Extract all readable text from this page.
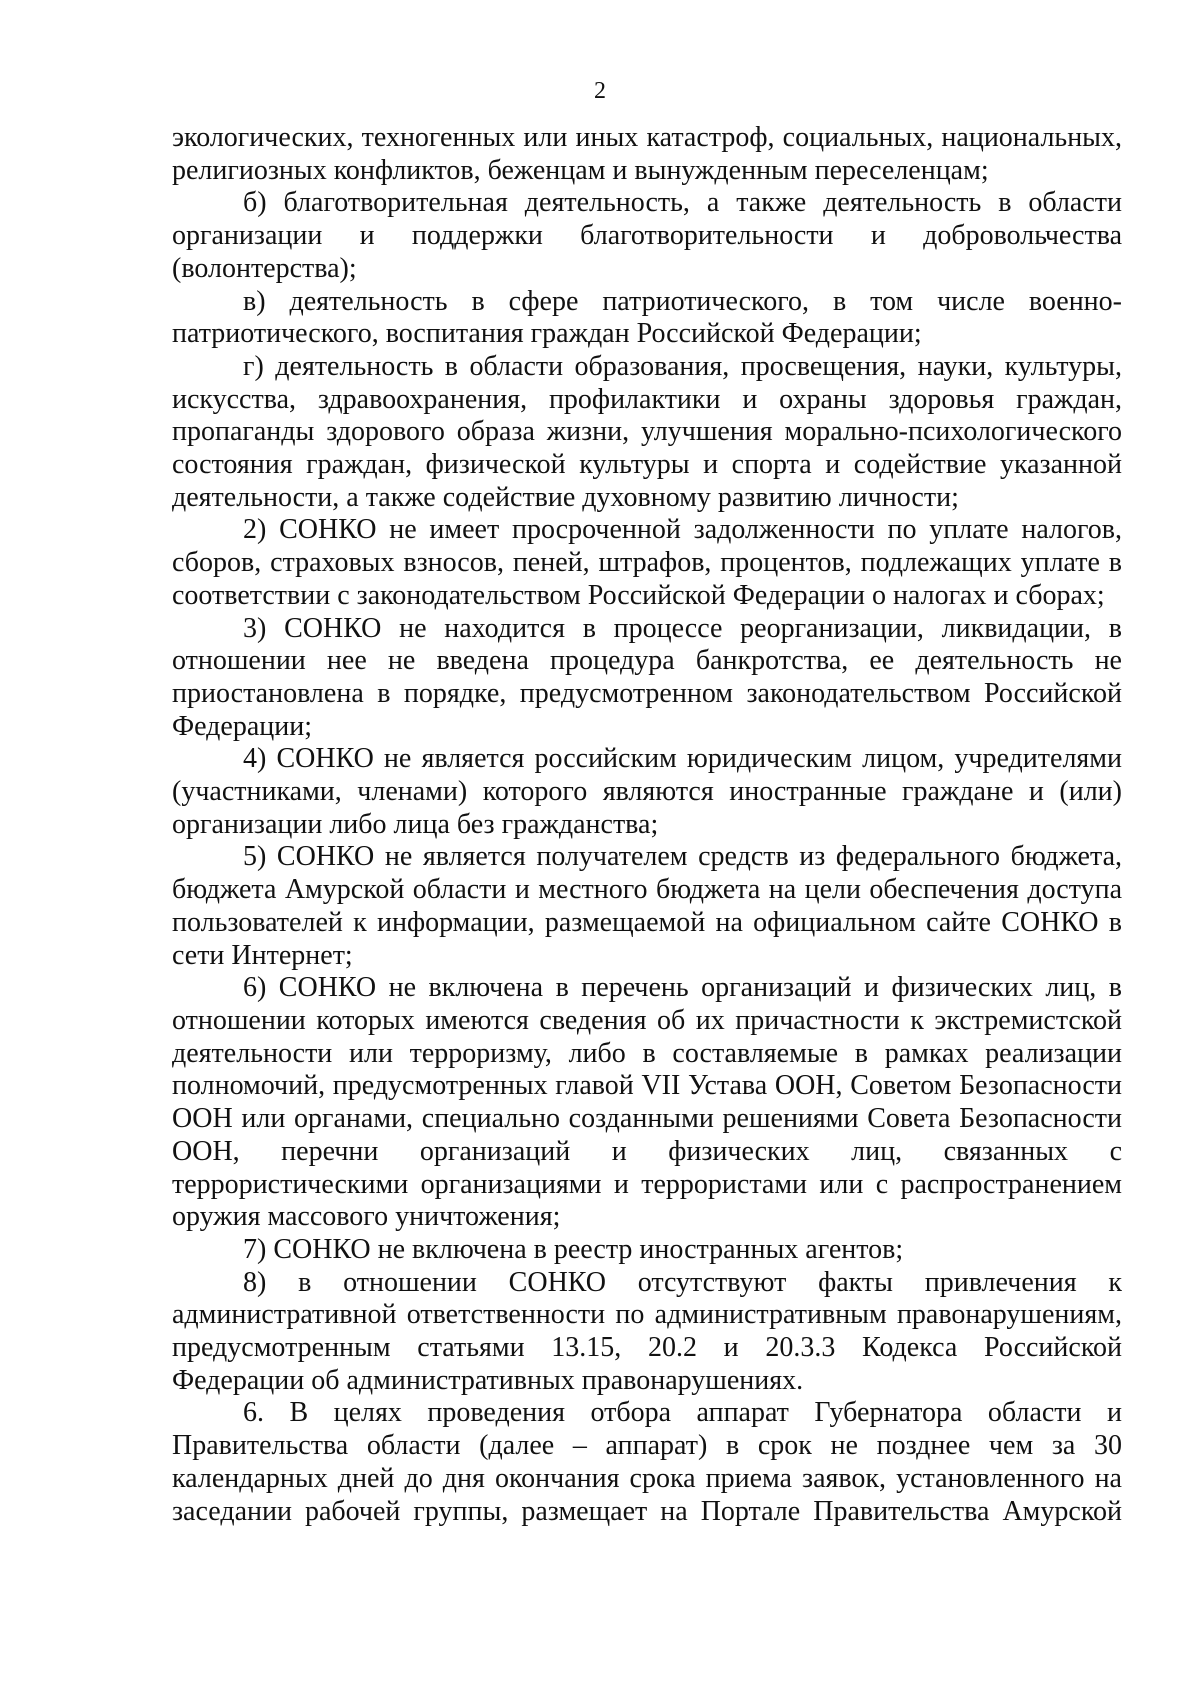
2

экологических, техногенных или иных катастроф, социальных, национальных, религиозных конфликтов, беженцам и вынужденным переселенцам;

б) благотворительная деятельность, а также деятельность в области организации и поддержки благотворительности и добровольчества (волонтерства);

в) деятельность в сфере патриотического, в том числе военно-патриотического, воспитания граждан Российской Федерации;

г) деятельность в области образования, просвещения, науки, культуры, искусства, здравоохранения, профилактики и охраны здоровья граждан, пропаганды здорового образа жизни, улучшения морально-психологического состояния граждан, физической культуры и спорта и содействие указанной деятельности, а также содействие духовному развитию личности;

2) СОНКО не имеет просроченной задолженности по уплате налогов, сборов, страховых взносов, пеней, штрафов, процентов, подлежащих уплате в соответствии с законодательством Российской Федерации о налогах и сборах;

3) СОНКО не находится в процессе реорганизации, ликвидации, в отношении нее не введена процедура банкротства, ее деятельность не приостановлена в порядке, предусмотренном законодательством Российской Федерации;

4) СОНКО не является российским юридическим лицом, учредителями (участниками, членами) которого являются иностранные граждане и (или) организации либо лица без гражданства;

5) СОНКО не является получателем средств из федерального бюджета, бюджета Амурской области и местного бюджета на цели обеспечения доступа пользователей к информации, размещаемой на официальном сайте СОНКО в сети Интернет;

6) СОНКО не включена в перечень организаций и физических лиц, в отношении которых имеются сведения об их причастности к экстремистской деятельности или терроризму, либо в составляемые в рамках реализации полномочий, предусмотренных главой VII Устава ООН, Советом Безопасности ООН или органами, специально созданными решениями Совета Безопасности ООН, перечни организаций и физических лиц, связанных с террористическими организациями и террористами или с распространением оружия массового уничтожения;

7) СОНКО не включена в реестр иностранных агентов;

8) в отношении СОНКО отсутствуют факты привлечения к административной ответственности по административным правонарушениям, предусмотренным статьями 13.15, 20.2 и 20.3.3 Кодекса Российской Федерации об административных правонарушениях.

6. В целях проведения отбора аппарат Губернатора области и Правительства области (далее – аппарат) в срок не позднее чем за 30 календарных дней до дня окончания срока приема заявок, установленного на заседании рабочей группы, размещает на Портале Правительства Амурской
